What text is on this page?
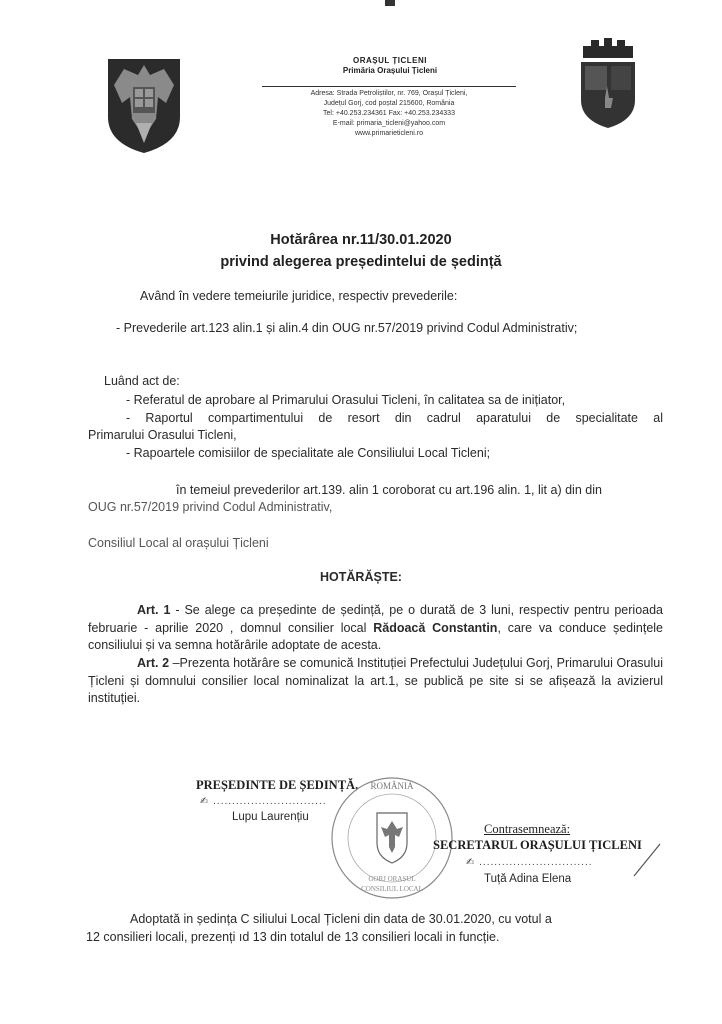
ORAȘUL ȚICLENI
Primăria Orașului Țicleni
Adresa: Strada Petroliștilor, nr. 769, Orașul Țicleni,
Județul Gorj, cod poștal 215600, România
Tel: +40.253.234361 Fax: +40.253.234333
E-mail: primaria_ticleni@yahoo.com
www.primarieticleni.ro
Hotărârea nr.11/30.01.2020
privind alegerea președintelui de ședință
Având în vedere temeiurile juridice, respectiv prevederile:
- Prevederile art.123 alin.1 și alin.4 din OUG nr.57/2019 privind Codul Administrativ;
Luând act de:
- Referatul de aprobare al Primarului Orasului Ticleni, în calitatea sa de inițiator,
- Raportul compartimentului de resort din cadrul aparatului de specialitate al
Primarului Orasului Ticleni,
- Rapoartele comisiilor de specialitate ale Consiliului Local Ticleni;
în temeiul prevederilor art.139. alin 1 coroborat cu art.196 alin. 1, lit a) din din
OUG nr.57/2019 privind Codul Administrativ,
Consiliul Local al orașului Țicleni
HOTĂRĂȘTE:
Art. 1 - Se alege ca președinte de ședință, pe o durată de 3 luni, respectiv pentru perioada februarie - aprilie 2020 , domnul consilier local Rădoacă Constantin, care va conduce ședințele consiliului și va semna hotărârile adoptate de acesta.
Art. 2 –Prezenta hotărâre se comunică Instituției Prefectului Județului Gorj, Primarului Orasului Țicleni și domnului consilier local nominalizat la art.1, se publică pe site si se afișează la avizierul instituției.
PREȘEDINTE DE ȘEDINȚĂ,
✍ ..............................
Lupu Laurențiu
ROMÂNIA
CONSILIUL LOCAL
GORJ ORAȘUL
Contrasemnează:
SECRETARUL ORAȘULUI ȚICLENI
✍ ..............................
Tuță Adina Elena
Adoptată in ședința C siliului Local Țicleni din data de 30.01.2020, cu votul a
12 consilieri locali, prezenți ıd 13 din totalul de 13 consilieri locali in funcție.
